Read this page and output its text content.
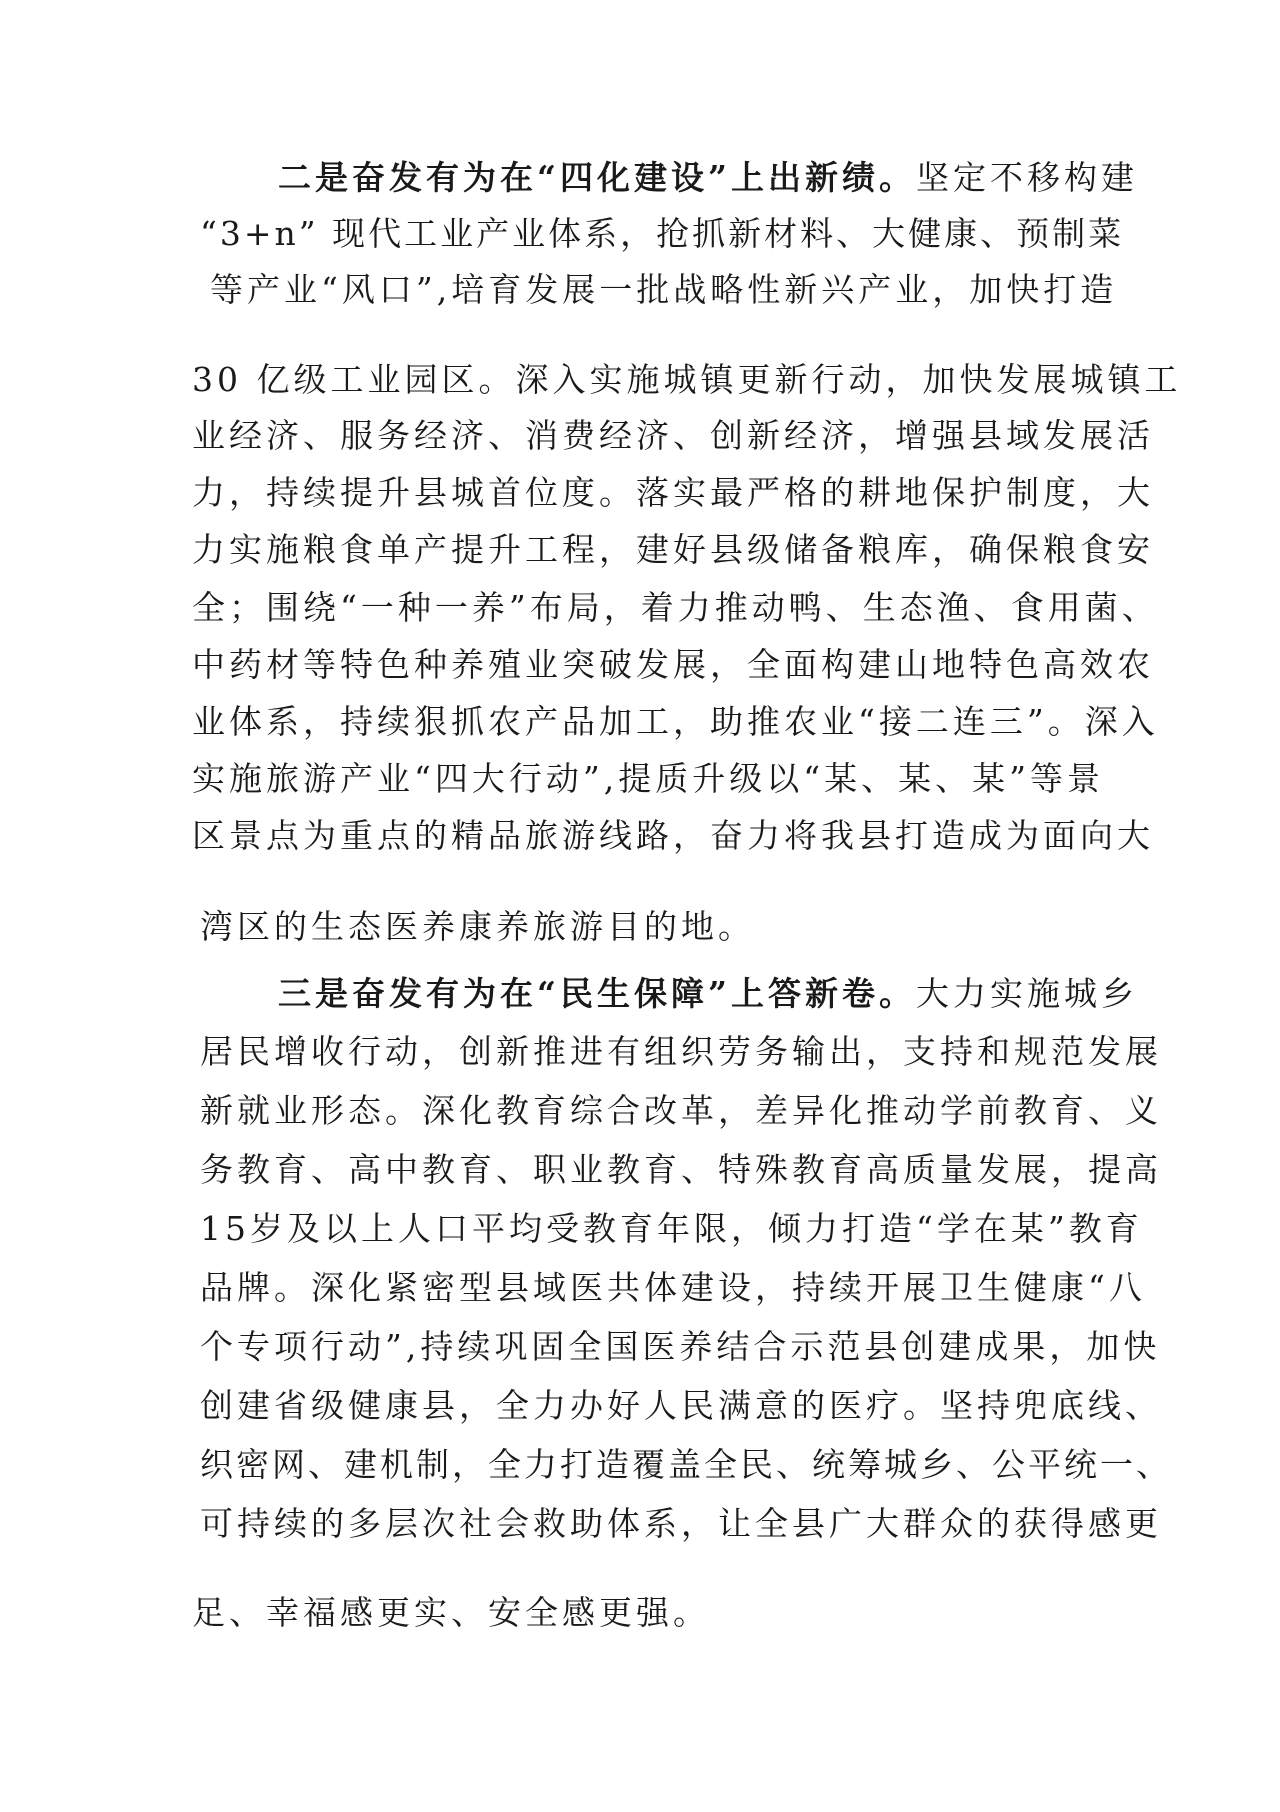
二是奋发有为在“四化建设”上出新绩。坚定不移构建
“3+n” 现代工业产业体系，抢抓新材料、大健康、预制菜
等产业“风口”,培育发展一批战略性新兴产业，加快打造
30 亿级工业园区。深入实施城镇更新行动，加快发展城镇工
业经济、服务经济、消费经济、创新经济，增强县域发展活
力，持续提升县城首位度。落实最严格的耕地保护制度，大
力实施粮食单产提升工程，建好县级储备粮库，确保粮食安
全；围绕“一种一养”布局，着力推动鸭、生态渔、食用菌、
中药材等特色种养殖业突破发展，全面构建山地特色高效农
业体系，持续狠抓农产品加工，助推农业“接二连三”。深入
实施旅游产业“四大行动”,提质升级以“某、某、某”等景
区景点为重点的精品旅游线路，奋力将我县打造成为面向大
湾区的生态医养康养旅游目的地。
三是奋发有为在“民生保障”上答新卷。大力实施城乡
居民增收行动，创新推进有组织劳务输出，支持和规范发展
新就业形态。深化教育综合改革，差异化推动学前教育、义
务教育、高中教育、职业教育、特殊教育高质量发展，提高
15岁及以上人口平均受教育年限，倾力打造“学在某”教育
品牌。深化紧密型县域医共体建设，持续开展卫生健康“八
个专项行动”,持续巩固全国医养结合示范县创建成果，加快
创建省级健康县，全力办好人民满意的医疗。坚持兜底线、
织密网、建机制，全力打造覆盖全民、统筹城乡、公平统一、
可持续的多层次社会救助体系，让全县广大群众的获得感更
足、幸福感更实、安全感更强。
